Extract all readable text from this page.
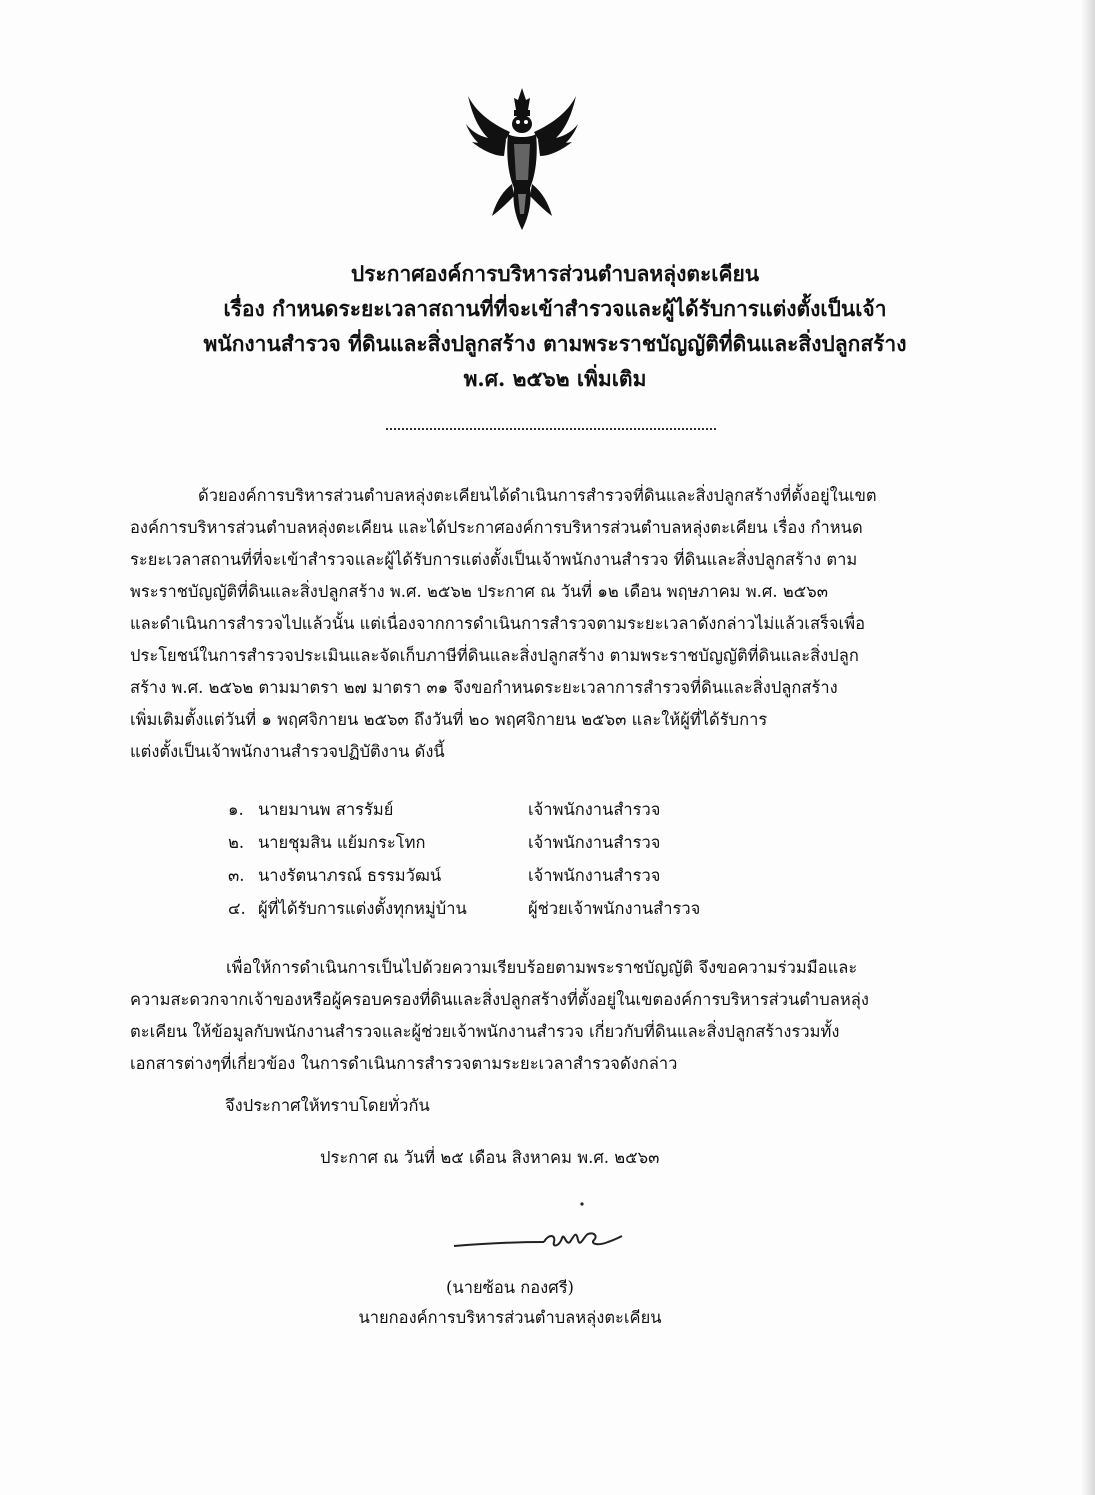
ประกาศองค์การบริหารส่วนตำบลหลุ่งตะเคียน
เรื่อง กำหนดระยะเวลาสถานที่ที่จะเข้าสำรวจและผู้ได้รับการแต่งตั้งเป็นเจ้า
พนักงานสำรวจ ที่ดินและสิ่งปลูกสร้าง ตามพระราชบัญญัติที่ดินและสิ่งปลูกสร้าง
พ.ศ. ๒๕๖๒ เพิ่มเติม
ด้วยองค์การบริหารส่วนตำบลหลุ่งตะเคียนได้ดำเนินการสำรวจที่ดินและสิ่งปลูกสร้างที่ตั้งอยู่ในเขต
องค์การบริหารส่วนตำบลหลุ่งตะเคียน และได้ประกาศองค์การบริหารส่วนตำบลหลุ่งตะเคียน เรื่อง กำหนด
ระยะเวลาสถานที่ที่จะเข้าสำรวจและผู้ได้รับการแต่งตั้งเป็นเจ้าพนักงานสำรวจ ที่ดินและสิ่งปลูกสร้าง ตาม
พระราชบัญญัติที่ดินและสิ่งปลูกสร้าง พ.ศ. ๒๕๖๒ ประกาศ ณ วันที่ ๑๒ เดือน พฤษภาคม พ.ศ. ๒๕๖๓
และดำเนินการสำรวจไปแล้วนั้น แต่เนื่องจากการดำเนินการสำรวจตามระยะเวลาดังกล่าวไม่แล้วเสร็จเพื่อ
ประโยชน์ในการสำรวจประเมินและจัดเก็บภาษีที่ดินและสิ่งปลูกสร้าง ตามพระราชบัญญัติที่ดินและสิ่งปลูก
สร้าง พ.ศ. ๒๕๖๒ ตามมาตรา ๒๗ มาตรา ๓๑ จึงขอกำหนดระยะเวลาการสำรวจที่ดินและสิ่งปลูกสร้าง
เพิ่มเติมตั้งแต่วันที่ ๑ พฤศจิกายน ๒๕๖๓ ถึงวันที่ ๒๐ พฤศจิกายน ๒๕๖๓ และให้ผู้ที่ได้รับการ
แต่งตั้งเป็นเจ้าพนักงานสำรวจปฏิบัติงาน ดังนี้
๑. นายมานพ สารรัมย์	เจ้าพนักงานสำรวจ
๒. นายชุมสิน แย้มกระโทก	เจ้าพนักงานสำรวจ
๓. นางรัตนาภรณ์ ธรรมวัฒน์	เจ้าพนักงานสำรวจ
๔. ผู้ที่ได้รับการแต่งตั้งทุกหมู่บ้าน	ผู้ช่วยเจ้าพนักงานสำรวจ
เพื่อให้การดำเนินการเป็นไปด้วยความเรียบร้อยตามพระราชบัญญัติ จึงขอความร่วมมือและ
ความสะดวกจากเจ้าของหรือผู้ครอบครองที่ดินและสิ่งปลูกสร้างที่ตั้งอยู่ในเขตองค์การบริหารส่วนตำบลหลุ่ง
ตะเคียน ให้ข้อมูลกับพนักงานสำรวจและผู้ช่วยเจ้าพนักงานสำรวจ เกี่ยวกับที่ดินและสิ่งปลูกสร้างรวมทั้ง
เอกสารต่างๆที่เกี่ยวข้อง ในการดำเนินการสำรวจตามระยะเวลาสำรวจดังกล่าว
จึงประกาศให้ทราบโดยทั่วกัน
ประกาศ ณ วันที่ ๒๕ เดือน สิงหาคม พ.ศ. ๒๕๖๓
(นายซ้อน กองศรี)
นายกองค์การบริหารส่วนตำบลหลุ่งตะเคียน
